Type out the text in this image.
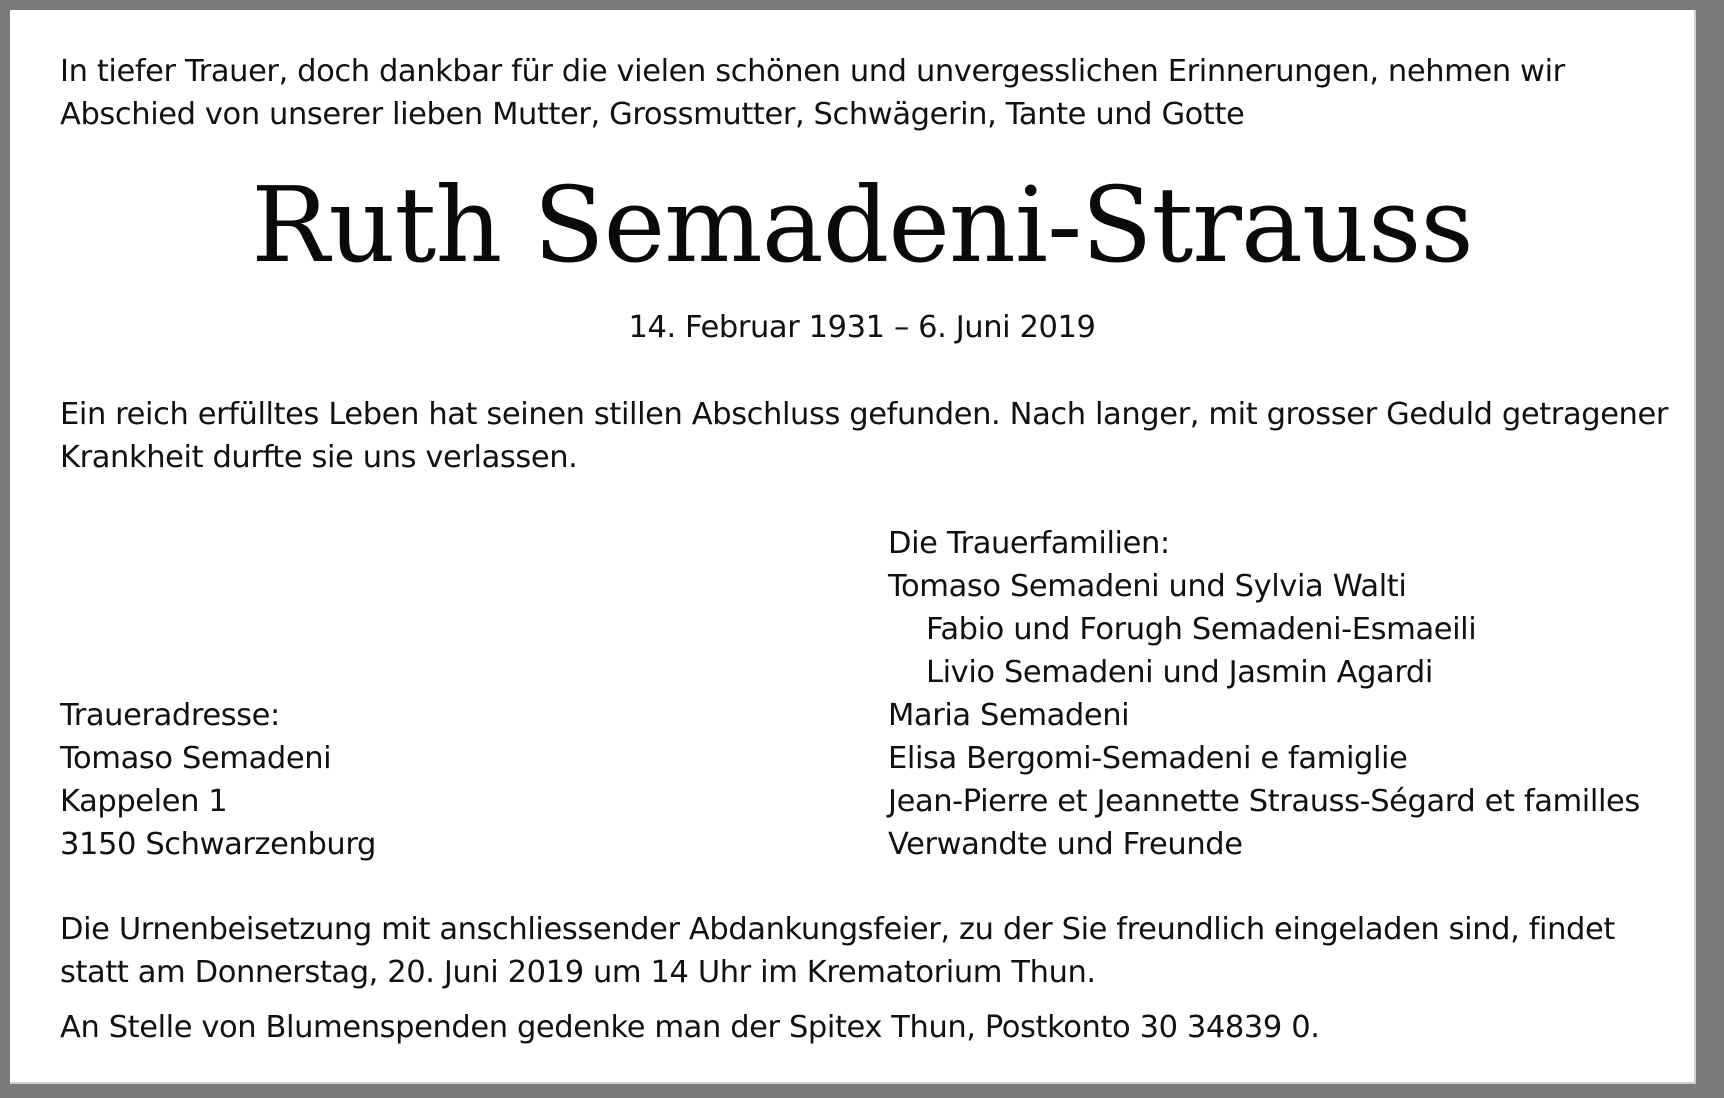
In tiefer Trauer, doch dankbar für die vielen schönen und unvergesslichen Erinnerungen, nehmen wir Abschied von unserer lieben Mutter, Grossmutter, Schwägerin, Tante und Gotte

Ruth Semadeni-Strauss
14. Februar 1931 – 6. Juni 2019

Ein reich erfülltes Leben hat seinen stillen Abschluss gefunden. Nach langer, mit grosser Geduld getragener Krankheit durfte sie uns verlassen.

Die Trauerfamilien:
Tomaso Semadeni und Sylvia Walti
Fabio und Forugh Semadeni-Esmaeili
Livio Semadeni und Jasmin Agardi
Maria Semadeni
Elisa Bergomi-Semadeni e famiglie
Jean-Pierre et Jeannette Strauss-Ségard et familles
Verwandte und Freunde
Traueradresse:
Tomaso Semadeni
Kappelen 1
3150 Schwarzenburg

Die Urnenbeisetzung mit anschliessender Abdankungsfeier, zu der Sie freundlich eingeladen sind, findet statt am Donnerstag, 20. Juni 2019 um 14 Uhr im Krematorium Thun.

An Stelle von Blumenspenden gedenke man der Spitex Thun, Postkonto 30 34839 0.
